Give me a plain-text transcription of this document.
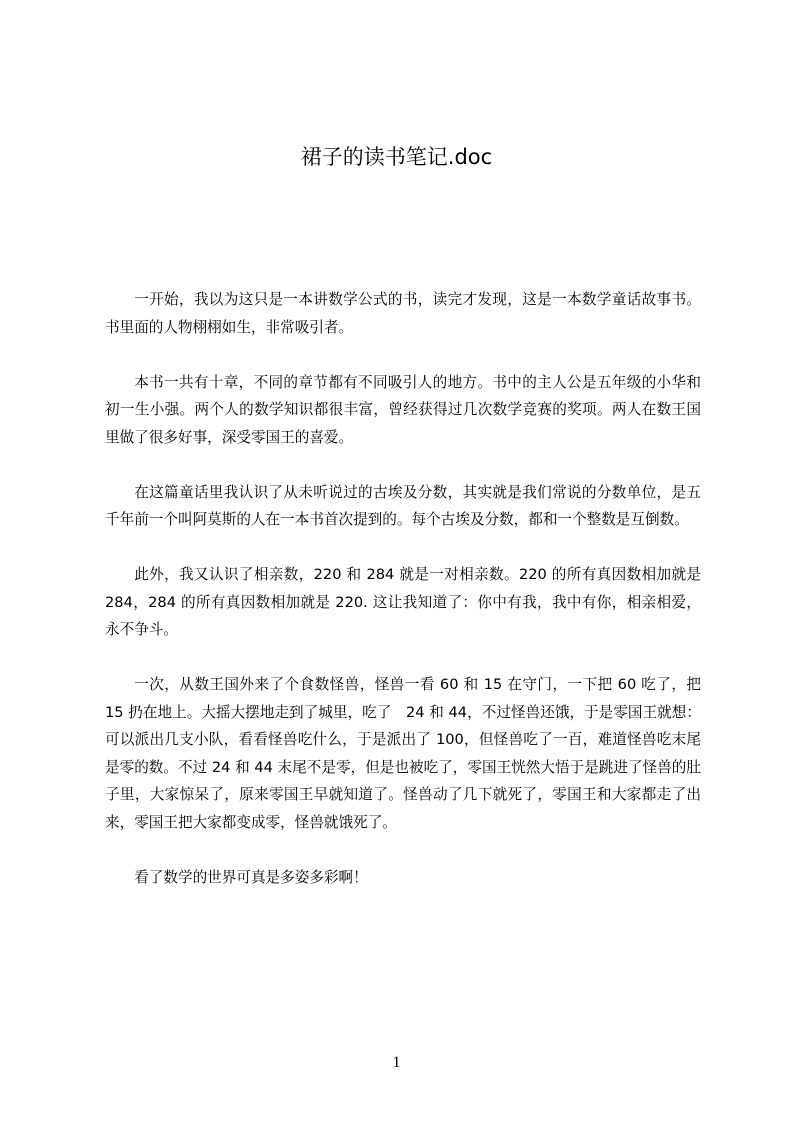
裙子的读书笔记.doc

一开始，我以为这只是一本讲数学公式的书，读完才发现，这是一本数学童话故事书。书里面的人物栩栩如生，非常吸引者。

本书一共有十章，不同的章节都有不同吸引人的地方。书中的主人公是五年级的小华和初一生小强。两个人的数学知识都很丰富，曾经获得过几次数学竞赛的奖项。两人在数王国里做了很多好事，深受零国王的喜爱。

在这篇童话里我认识了从未听说过的古埃及分数，其实就是我们常说的分数单位，是五千年前一个叫阿莫斯的人在一本书首次提到的。每个古埃及分数，都和一个整数是互倒数。

此外，我又认识了相亲数，220 和 284 就是一对相亲数。220 的所有真因数相加就是 284，284 的所有真因数相加就是 220. 这让我知道了：你中有我，我中有你，相亲相爱，永不争斗。

一次，从数王国外来了个食数怪兽，怪兽一看 60 和 15 在守门，一下把 60 吃了，把 15 扔在地上。大摇大摆地走到了城里，吃了　24 和 44，不过怪兽还饿，于是零国王就想：可以派出几支小队，看看怪兽吃什么，于是派出了 100，但怪兽吃了一百，难道怪兽吃末尾是零的数。不过 24 和 44 末尾不是零，但是也被吃了，零国王恍然大悟于是跳进了怪兽的肚子里，大家惊呆了，原来零国王早就知道了。怪兽动了几下就死了，零国王和大家都走了出来，零国王把大家都变成零，怪兽就饿死了。

看了数学的世界可真是多姿多彩啊！

1
